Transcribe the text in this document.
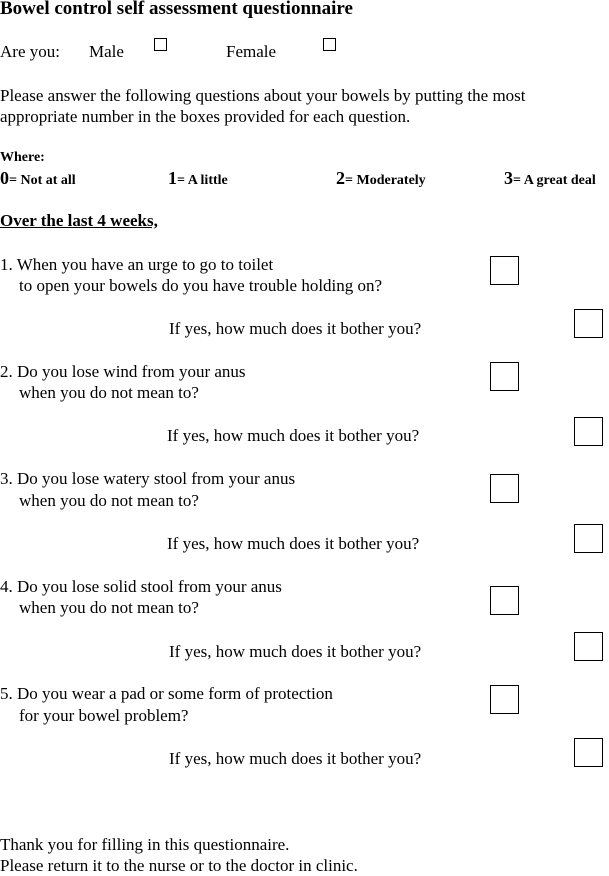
Bowel control self assessment questionnaire
Are you: Male	Female
Please answer the following questions about your bowels by putting the most
appropriate number in the boxes provided for each question.
Where:
0= Not at all	1= A little	2= Moderately	3= A great deal
Over the last 4 weeks,
1. When you have an urge to go to toilet
to open your bowels do you have trouble holding on?
If yes, how much does it bother you?
2. Do you lose wind from your anus
when you do not mean to?
If yes, how much does it bother you?
3. Do you lose watery stool from your anus
when you do not mean to?
If yes, how much does it bother you?
4. Do you lose solid stool from your anus
when you do not mean to?
If yes, how much does it bother you?
5. Do you wear a pad or some form of protection
for your bowel problem?
If yes, how much does it bother you?
Thank you for filling in this questionnaire.
Please return it to the nurse or to the doctor in clinic.
